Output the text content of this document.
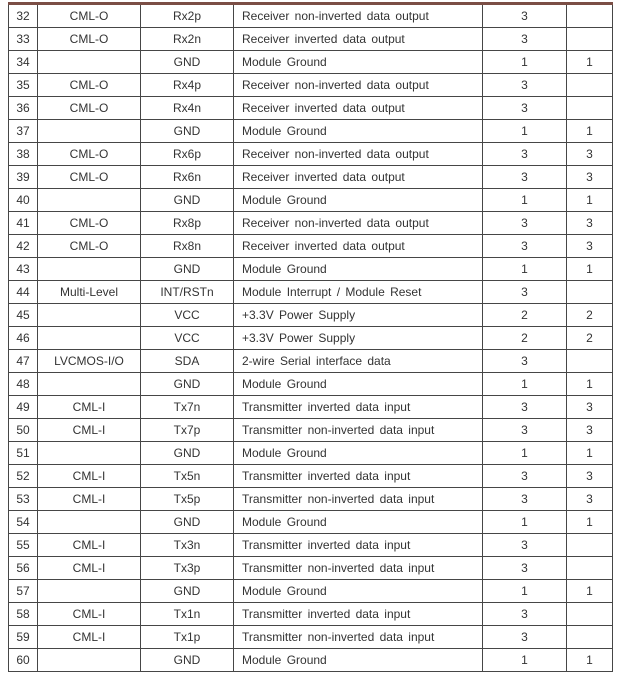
32	CML-O	Rx2p	Receiver non-inverted data output	3	
33	CML-O	Rx2n	Receiver inverted data output	3	
34		GND	Module Ground	1	1
35	CML-O	Rx4p	Receiver non-inverted data output	3	
36	CML-O	Rx4n	Receiver inverted data output	3	
37		GND	Module Ground	1	1
38	CML-O	Rx6p	Receiver non-inverted data output	3	3
39	CML-O	Rx6n	Receiver inverted data output	3	3
40		GND	Module Ground	1	1
41	CML-O	Rx8p	Receiver non-inverted data output	3	3
42	CML-O	Rx8n	Receiver inverted data output	3	3
43		GND	Module Ground	1	1
44	Multi-Level	INT/RSTn	Module Interrupt / Module Reset	3	
45		VCC	+3.3V Power Supply	2	2
46		VCC	+3.3V Power Supply	2	2
47	LVCMOS-I/O	SDA	2-wire Serial interface data	3	
48		GND	Module Ground	1	1
49	CML-I	Tx7n	Transmitter inverted data input	3	3
50	CML-I	Tx7p	Transmitter non-inverted data input	3	3
51		GND	Module Ground	1	1
52	CML-I	Tx5n	Transmitter inverted data input	3	3
53	CML-I	Tx5p	Transmitter non-inverted data input	3	3
54		GND	Module Ground	1	1
55	CML-I	Tx3n	Transmitter inverted data input	3	
56	CML-I	Tx3p	Transmitter non-inverted data input	3	
57		GND	Module Ground	1	1
58	CML-I	Tx1n	Transmitter inverted data input	3	
59	CML-I	Tx1p	Transmitter non-inverted data input	3	
60		GND	Module Ground	1	1
